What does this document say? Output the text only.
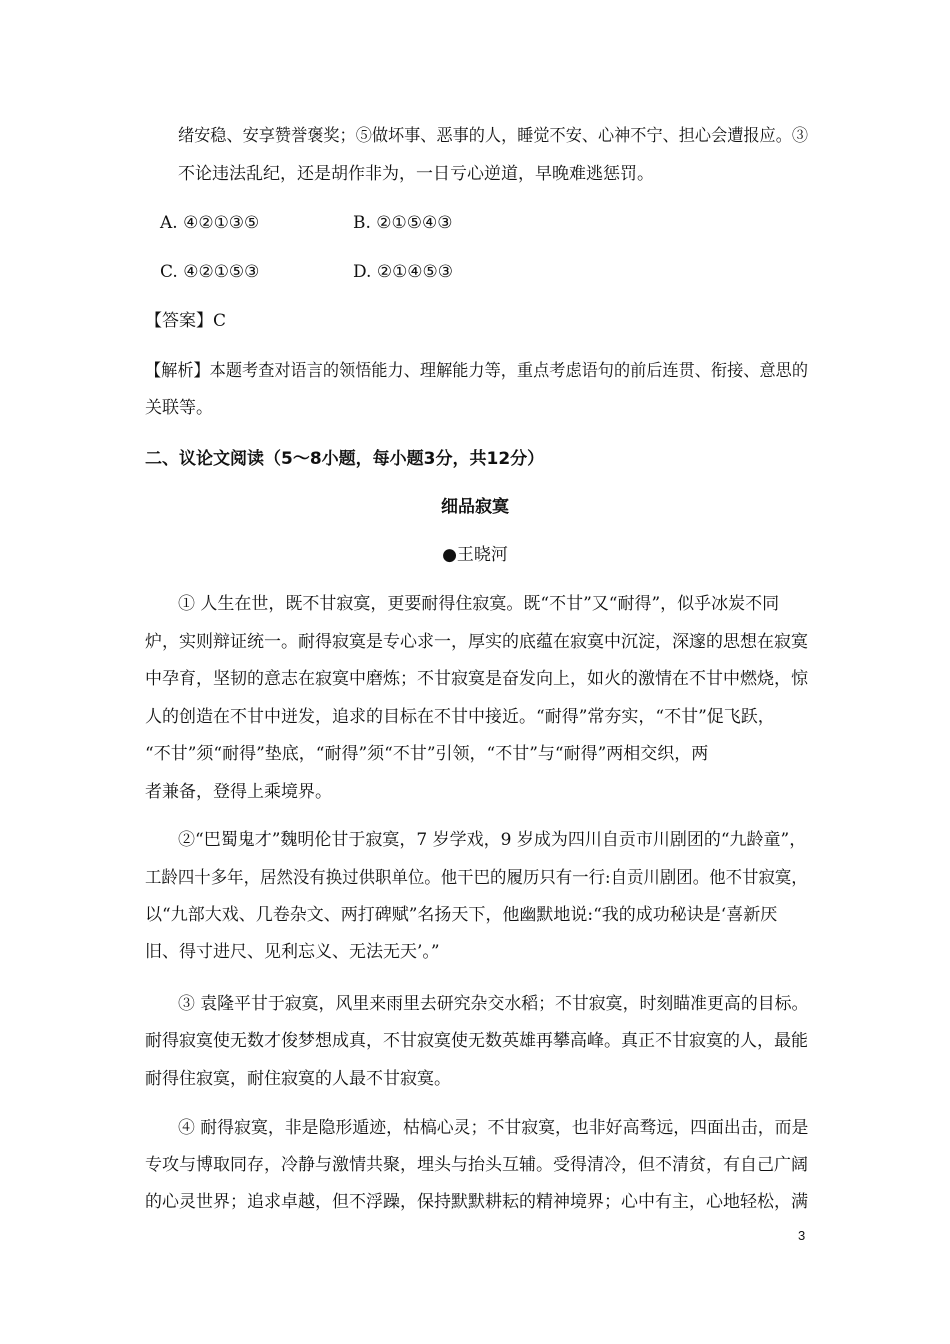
绪安稳、安享赞誉褒奖；⑤做坏事、恶事的人，睡觉不安、心神不宁、担心会遭报应。③
不论违法乱纪，还是胡作非为，一日亏心逆道，早晚难逃惩罚。
A. ④②①③⑤	B. ②①⑤④③
C. ④②①⑤③	D. ②①④⑤③
【答案】C
【解析】本题考查对语言的领悟能力、理解能力等，重点考虑语句的前后连贯、衔接、意思的
关联等。
二、议论文阅读（5～8小题，每小题3分，共12分）
细品寂寞
●王晓河
① 人生在世，既不甘寂寞，更要耐得住寂寞。既“不甘”又“耐得”，似乎冰炭不同
炉，实则辩证统一。耐得寂寞是专心求一，厚实的底蕴在寂寞中沉淀，深邃的思想在寂寞
中孕育，坚韧的意志在寂寞中磨炼；不甘寂寞是奋发向上，如火的激情在不甘中燃烧，惊
人的创造在不甘中迸发，追求的目标在不甘中接近。“耐得”常夯实，“不甘”促飞跃，
“不甘”须“耐得”垫底，“耐得”须“不甘”引领，“不甘”与“耐得”两相交织，两
者兼备，登得上乘境界。
②“巴蜀鬼才”魏明伦甘于寂寞，7 岁学戏，9 岁成为四川自贡市川剧团的“九龄童”，
工龄四十多年，居然没有换过供职单位。他干巴的履历只有一行:自贡川剧团。他不甘寂寞，
以“九部大戏、几卷杂文、两打碑赋”名扬天下，他幽默地说:“我的成功秘诀是‘喜新厌
旧、得寸进尺、见利忘义、无法无天’。”
③ 袁隆平甘于寂寞，风里来雨里去研究杂交水稻；不甘寂寞，时刻瞄准更高的目标。
耐得寂寞使无数才俊梦想成真，不甘寂寞使无数英雄再攀高峰。真正不甘寂寞的人，最能
耐得住寂寞，耐住寂寞的人最不甘寂寞。
④ 耐得寂寞，非是隐形遁迹，枯槁心灵；不甘寂寞，也非好高骛远，四面出击，而是
专攻与博取同存，冷静与激情共聚，埋头与抬头互辅。受得清冷，但不清贫，有自己广阔
的心灵世界；追求卓越，但不浮躁，保持默默耕耘的精神境界；心中有主，心地轻松，满
3
